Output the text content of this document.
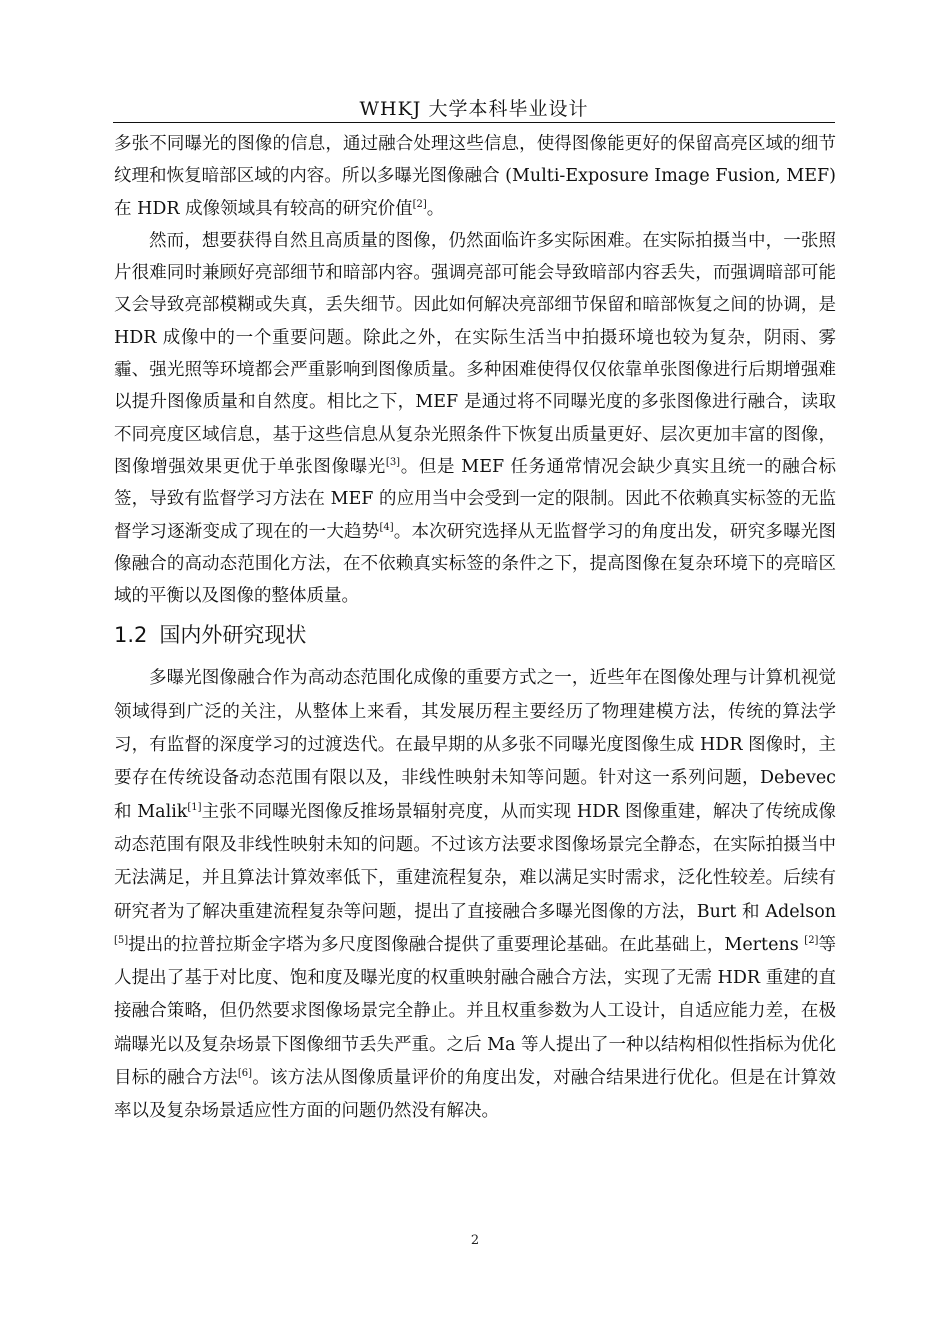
WHKJ 大学本科毕业设计

多张不同曝光的图像的信息，通过融合处理这些信息，使得图像能更好的保留高亮区域的细节纹理和恢复暗部区域的内容。所以多曝光图像融合 (Multi-Exposure Image Fusion, MEF) 在 HDR 成像领域具有较高的研究价值[2]。

然而，想要获得自然且高质量的图像，仍然面临许多实际困难。在实际拍摄当中，一张照片很难同时兼顾好亮部细节和暗部内容。强调亮部可能会导致暗部内容丢失，而强调暗部可能又会导致亮部模糊或失真，丢失细节。因此如何解决亮部细节保留和暗部恢复之间的协调，是 HDR 成像中的一个重要问题。除此之外，在实际生活当中拍摄环境也较为复杂，阴雨、雾霾、强光照等环境都会严重影响到图像质量。多种困难使得仅仅依靠单张图像进行后期增强难以提升图像质量和自然度。相比之下，MEF 是通过将不同曝光度的多张图像进行融合，读取不同亮度区域信息，基于这些信息从复杂光照条件下恢复出质量更好、层次更加丰富的图像，图像增强效果更优于单张图像曝光[3]。但是 MEF 任务通常情况会缺少真实且统一的融合标签，导致有监督学习方法在 MEF 的应用当中会受到一定的限制。因此不依赖真实标签的无监督学习逐渐变成了现在的一大趋势[4]。本次研究选择从无监督学习的角度出发，研究多曝光图像融合的高动态范围化方法，在不依赖真实标签的条件之下，提高图像在复杂环境下的亮暗区域的平衡以及图像的整体质量。

1.2 国内外研究现状

多曝光图像融合作为高动态范围化成像的重要方式之一，近些年在图像处理与计算机视觉领域得到广泛的关注，从整体上来看，其发展历程主要经历了物理建模方法，传统的算法学习，有监督的深度学习的过渡迭代。在最早期的从多张不同曝光度图像生成 HDR 图像时，主要存在传统设备动态范围有限以及，非线性映射未知等问题。针对这一系列问题，Debevec 和 Malik[1]主张不同曝光图像反推场景辐射亮度，从而实现 HDR 图像重建，解决了传统成像动态范围有限及非线性映射未知的问题。不过该方法要求图像场景完全静态，在实际拍摄当中无法满足，并且算法计算效率低下，重建流程复杂，难以满足实时需求，泛化性较差。后续有研究者为了解决重建流程复杂等问题，提出了直接融合多曝光图像的方法，Burt 和 Adelson [5]提出的拉普拉斯金字塔为多尺度图像融合提供了重要理论基础。在此基础上，Mertens [2]等人提出了基于对比度、饱和度及曝光度的权重映射融合融合方法，实现了无需 HDR 重建的直接融合策略，但仍然要求图像场景完全静止。并且权重参数为人工设计，自适应能力差，在极端曝光以及复杂场景下图像细节丢失严重。之后 Ma 等人提出了一种以结构相似性指标为优化目标的融合方法[6]。该方法从图像质量评价的角度出发，对融合结果进行优化。但是在计算效率以及复杂场景适应性方面的问题仍然没有解决。

2
